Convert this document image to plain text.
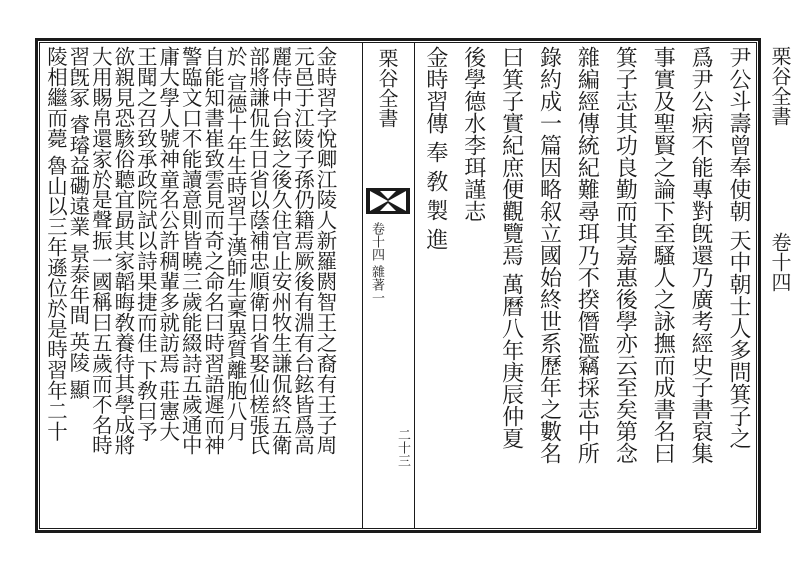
栗谷全書
卷十四
尹公斗壽曾奉使朝 天中朝士人多問箕子之
爲尹公病不能專對旣還乃廣考經史子書裒集
事實及聖賢之論下至騷人之詠撫而成書名曰
箕子志其功良勤而其嘉惠後學亦云至矣第念
雜編經傳統紀難尋珥乃不揆僭濫竊採志中所
錄約成一篇因略叙立國始終世系歷年之數名
曰箕子實紀庶便觀覽焉 萬曆八年庚辰仲夏
後學德水李珥謹志
金時習傳 奉 敎 製 進
栗谷全書
卷十四 雜著一
二十三
金時習字悅卿江陵人新羅閼智王之裔有王子周
元邑于江陵子孫仍籍焉厥後有淵有台鉉皆爲高
麗侍中台鉉之後久住官止安州牧生謙侃終五衛
部將謙侃生日省以蔭補忠順衛日省娶仙槎張氏
於 宣德十年生時習于漢師生稟異質離胞八月
自能知書崔致雲見而奇之命名曰時習語遲而神
警臨文口不能讀意則皆曉三歲能綴詩五歲通中
庸大學人號神童名公許稠輩多就訪焉 莊憲大
王聞之召致承政院試以詩果捷而佳 下敎曰予
欲親見恐駭俗聽宜勗其家韜晦敎養待其學成將
大用賜帛還家於是聲振一國稱曰五歲而不名時
習旣冢 睿璿益磡遠業 景泰年間 英陵 顯
陵相繼而薨 魯山以三年遜位於是時習年二十
